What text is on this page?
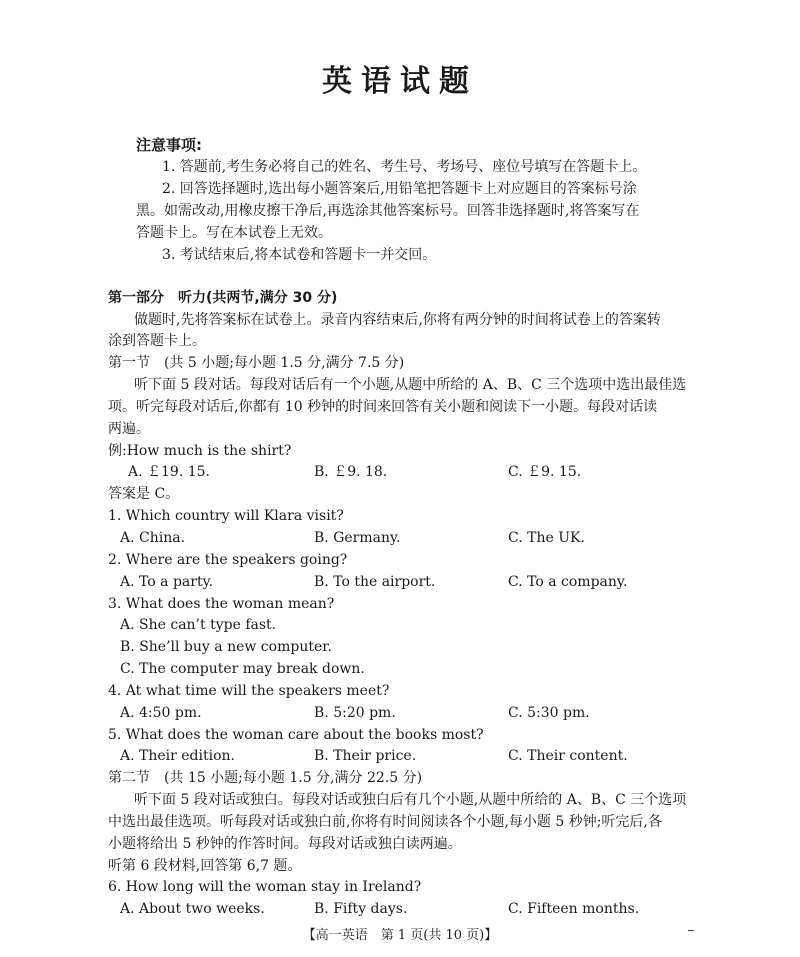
英语试题
注意事项:
1. 答题前,考生务必将自己的姓名、考生号、考场号、座位号填写在答题卡上。
2. 回答选择题时,选出每小题答案后,用铅笔把答题卡上对应题目的答案标号涂
黑。如需改动,用橡皮擦干净后,再选涂其他答案标号。回答非选择题时,将答案写在
答题卡上。写在本试卷上无效。
3. 考试结束后,将本试卷和答题卡一并交回。
第一部分　听力(共两节,满分 30 分)
做题时,先将答案标在试卷上。录音内容结束后,你将有两分钟的时间将试卷上的答案转
涂到答题卡上。
第一节　(共 5 小题;每小题 1.5 分,满分 7.5 分)
听下面 5 段对话。每段对话后有一个小题,从题中所给的 A、B、C 三个选项中选出最佳选
项。听完每段对话后,你都有 10 秒钟的时间来回答有关小题和阅读下一小题。每段对话读
两遍。
例:How much is the shirt?
A. ￡19. 15.	B. ￡9. 18.	C. ￡9. 15.
答案是 C。
1. Which country will Klara visit?
A. China.	B. Germany.	C. The UK.
2. Where are the speakers going?
A. To a party.	B. To the airport.	C. To a company.
3. What does the woman mean?
A. She can’t type fast.
B. She’ll buy a new computer.
C. The computer may break down.
4. At what time will the speakers meet?
A. 4:50 pm.	B. 5:20 pm.	C. 5:30 pm.
5. What does the woman care about the books most?
A. Their edition.	B. Their price.	C. Their content.
第二节　(共 15 小题;每小题 1.5 分,满分 22.5 分)
听下面 5 段对话或独白。每段对话或独白后有几个小题,从题中所给的 A、B、C 三个选项
中选出最佳选项。听每段对话或独白前,你将有时间阅读各个小题,每小题 5 秒钟;听完后,各
小题将给出 5 秒钟的作答时间。每段对话或独白读两遍。
听第 6 段材料,回答第 6,7 题。
6. How long will the woman stay in Ireland?
A. About two weeks.	B. Fifty days.	C. Fifteen months.
【高一英语　第 1 页(共 10 页)】
